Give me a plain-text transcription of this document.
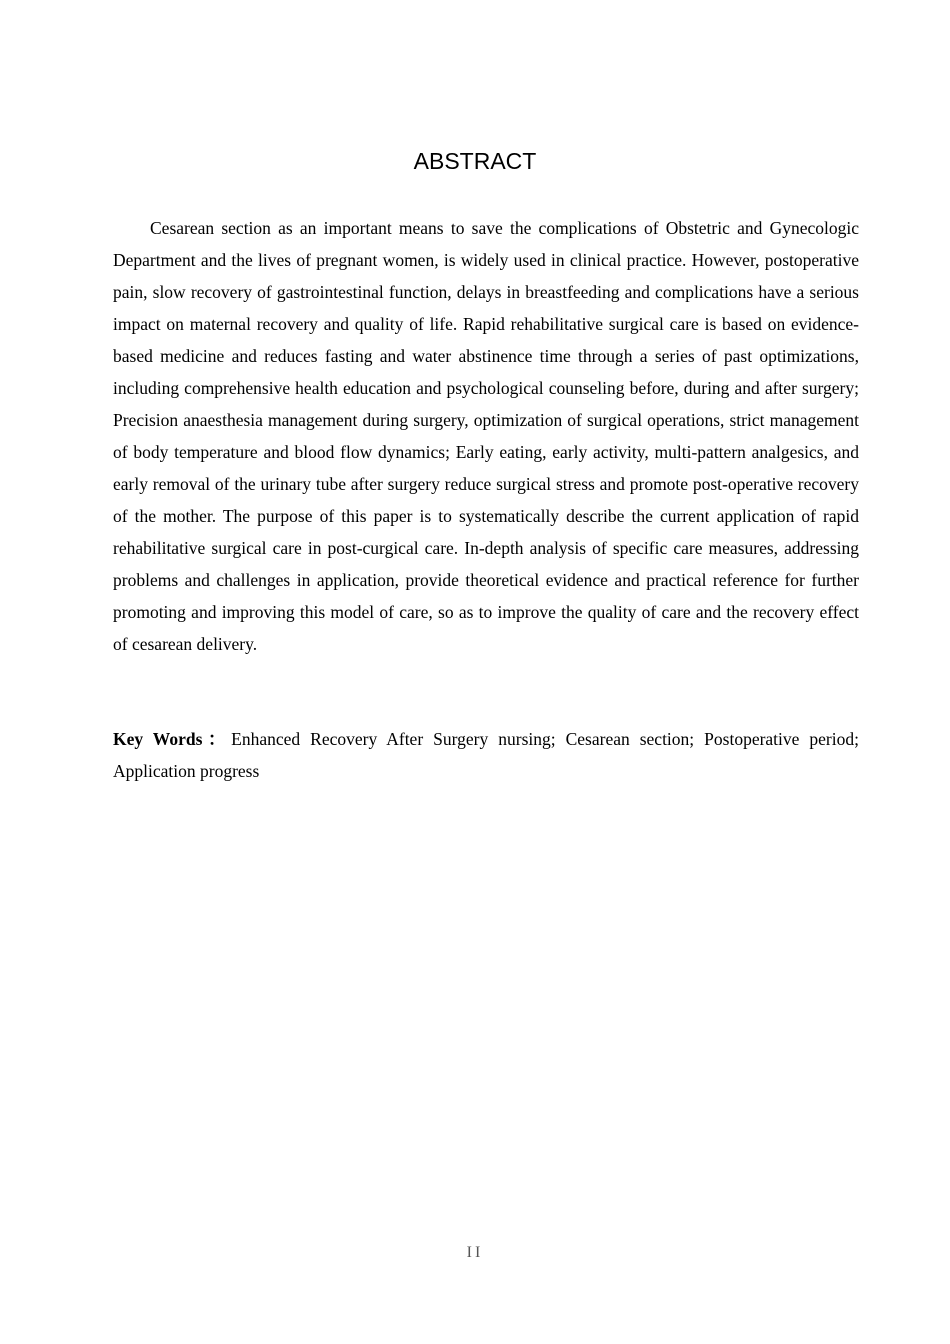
ABSTRACT

Cesarean section as an important means to save the complications of Obstetric and Gynecologic Department and the lives of pregnant women, is widely used in clinical practice. However, postoperative pain, slow recovery of gastrointestinal function, delays in breastfeeding and complications have a serious impact on maternal recovery and quality of life. Rapid rehabilitative surgical care is based on evidence-based medicine and reduces fasting and water abstinence time through a series of past optimizations, including comprehensive health education and psychological counseling before, during and after surgery; Precision anaesthesia management during surgery, optimization of surgical operations, strict management of body temperature and blood flow dynamics; Early eating, early activity, multi-pattern analgesics, and early removal of the urinary tube after surgery reduce surgical stress and promote post-operative recovery of the mother. The purpose of this paper is to systematically describe the current application of rapid rehabilitative surgical care in post-curgical care. In-depth analysis of specific care measures, addressing problems and challenges in application, provide theoretical evidence and practical reference for further promoting and improving this model of care, so as to improve the quality of care and the recovery effect of cesarean delivery.

Key Words：Enhanced Recovery After Surgery nursing; Cesarean section; Postoperative period; Application progress

II
